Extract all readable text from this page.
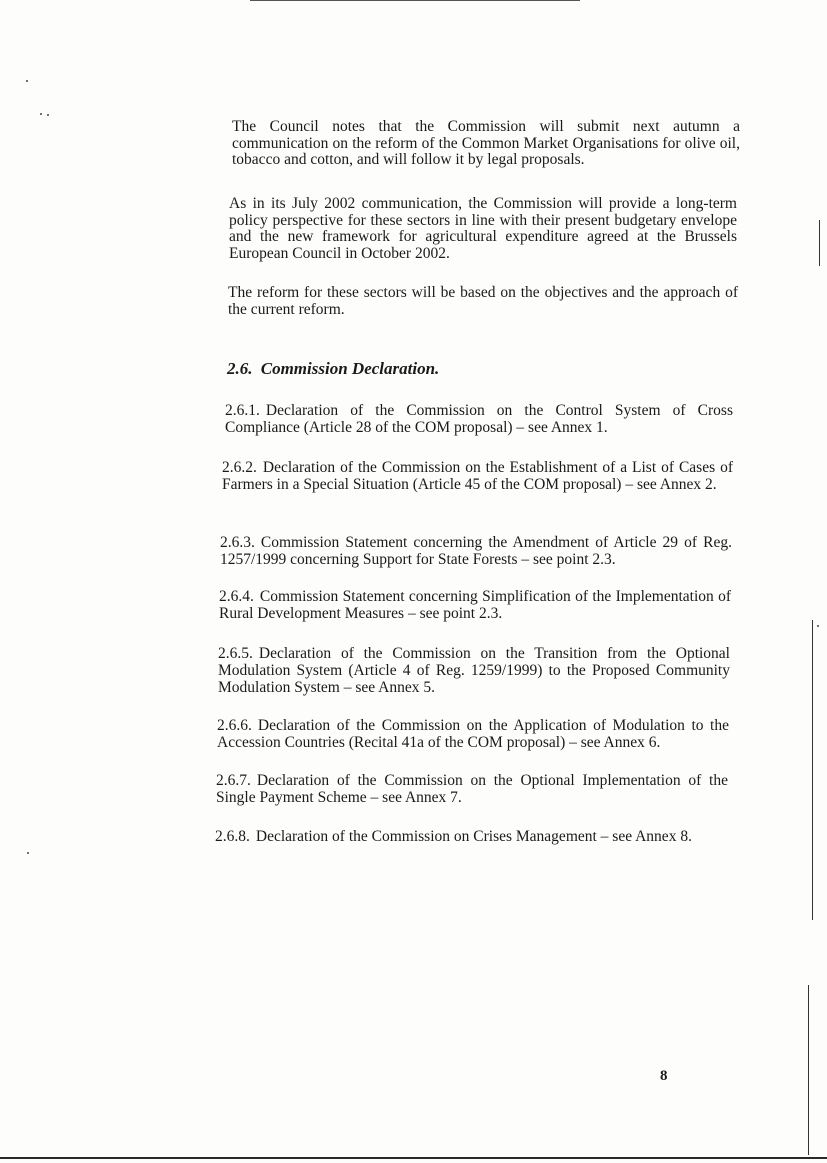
The Council notes that the Commission will submit next autumn a communication on the reform of the Common Market Organisations for olive oil, tobacco and cotton, and will follow it by legal proposals.

As in its July 2002 communication, the Commission will provide a long-term policy perspective for these sectors in line with their present budgetary envelope and the new framework for agricultural expenditure agreed at the Brussels European Council in October 2002.

The reform for these sectors will be based on the objectives and the approach of the current reform.

2.6. Commission Declaration.

2.6.1. Declaration of the Commission on the Control System of Cross Compliance (Article 28 of the COM proposal) – see Annex 1.

2.6.2. Declaration of the Commission on the Establishment of a List of Cases of Farmers in a Special Situation (Article 45 of the COM proposal) – see Annex 2.

2.6.3. Commission Statement concerning the Amendment of Article 29 of Reg. 1257/1999 concerning Support for State Forests – see point 2.3.

2.6.4. Commission Statement concerning Simplification of the Implementation of Rural Development Measures – see point 2.3.

2.6.5. Declaration of the Commission on the Transition from the Optional Modulation System (Article 4 of Reg. 1259/1999) to the Proposed Community Modulation System – see Annex 5.

2.6.6. Declaration of the Commission on the Application of Modulation to the Accession Countries (Recital 41a of the COM proposal) – see Annex 6.

2.6.7. Declaration of the Commission on the Optional Implementation of the Single Payment Scheme – see Annex 7.

2.6.8. Declaration of the Commission on Crises Management – see Annex 8.

8
